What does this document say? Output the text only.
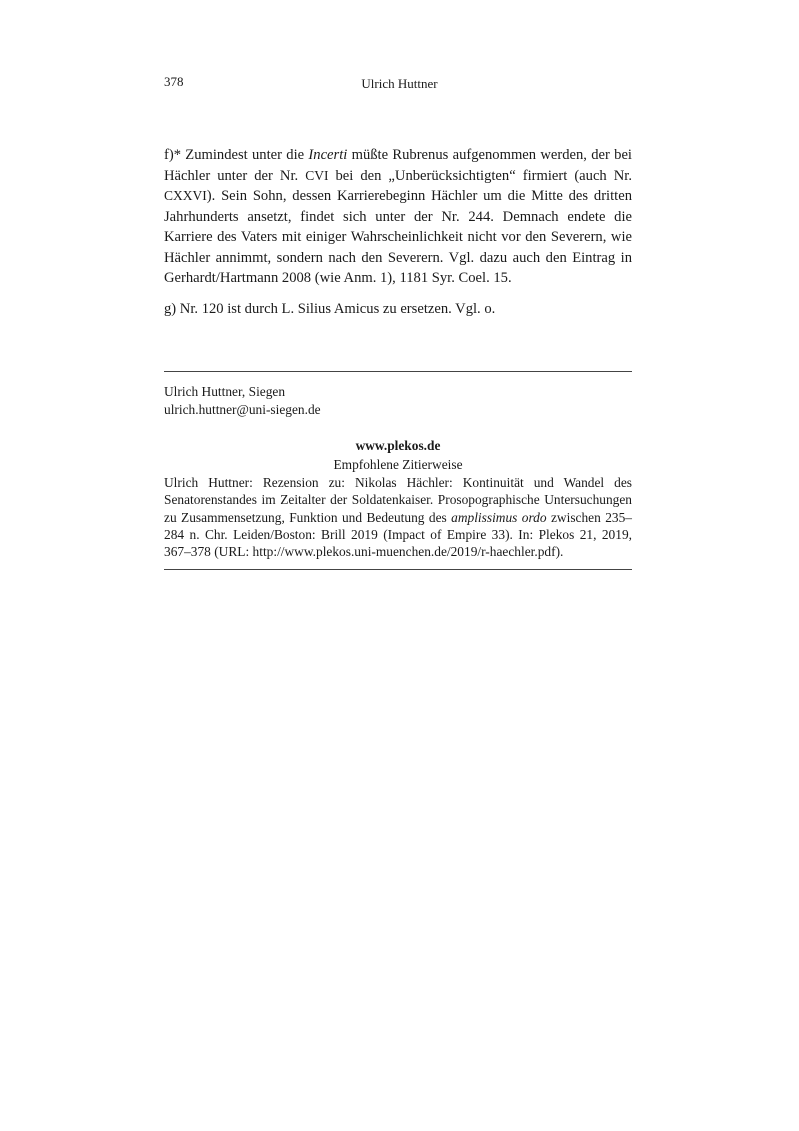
378	Ulrich Huttner

f)* Zumindest unter die Incerti müßte Rubrenus aufgenommen werden, der bei Hächler unter der Nr. CVI bei den „Unberücksichtigten“ firmiert (auch Nr. CXXVI). Sein Sohn, dessen Karrierebeginn Hächler um die Mitte des dritten Jahrhunderts ansetzt, findet sich unter der Nr. 244. Demnach endete die Karriere des Vaters mit einiger Wahrscheinlichkeit nicht vor den Severern, wie Hächler annimmt, sondern nach den Severern. Vgl. dazu auch den Eintrag in Gerhardt/Hartmann 2008 (wie Anm. 1), 1181 Syr. Coel. 15.

g) Nr. 120 ist durch L. Silius Amicus zu ersetzen. Vgl. o.

Ulrich Huttner, Siegen
ulrich.huttner@uni-siegen.de
www.plekos.de
Empfohlene Zitierweise
Ulrich Huttner: Rezension zu: Nikolas Hächler: Kontinuität und Wandel des Senatorenstandes im Zeitalter der Soldatenkaiser. Prosopographische Untersuchungen zu Zusammensetzung, Funktion und Bedeutung des amplissimus ordo zwischen 235–284 n. Chr. Leiden/Boston: Brill 2019 (Impact of Empire 33). In: Plekos 21, 2019, 367–378 (URL: http://www.plekos.uni-muenchen.de/2019/r-haechler.pdf).
